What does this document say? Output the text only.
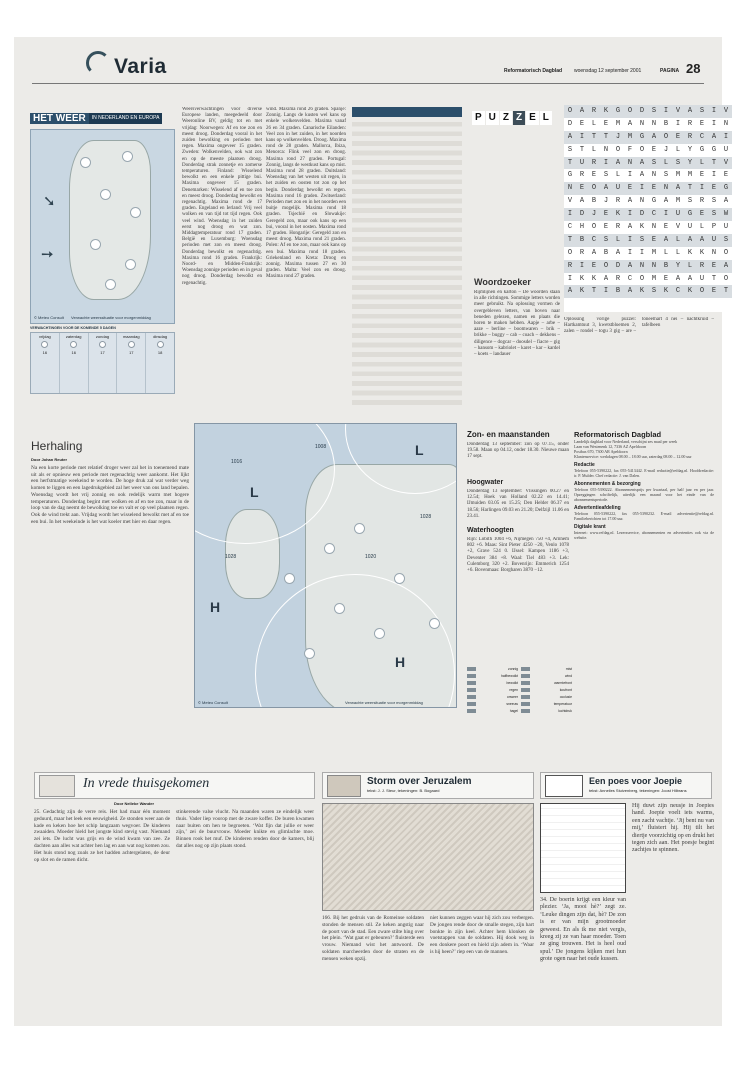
Varia	Reformatorisch Dagblad woensdag 12 september 2001	PAGINA 28
HET WEER	IN NEDERLAND EN EUROPA
➘
➙
© Meteo Consult Verwachte weerssituatie voor morgenmiddag
VERWACHTINGEN VOOR DE KOMENDE 5 DAGEN
vrijdag
16
zaterdag
16
zondag
17
maandag
17
dinsdag
18
Weersverwachtingen voor diverse Europese landen, meegedeeld door Weeronline BV, geldig tot en met vrijdag: Noorwegen: Af en toe zon en meest droog. Donderdag vooral in het zuiden bewolking en perioden met regen. Maxima ongeveer 15 graden. Zweden: Wolkenvelden, ook wat zon en op de meeste plaatsen droog. Donderdag strak zonnetje en zomerse temperaturen. Finland: Wisselend bewolkt en een enkele pittige bui. Maxima ongeveer 15 graden. Denemarken: Wisselend af en toe zon en meest droog. Donderdag bewolkt en regenachtig. Maxima rond de 17 graden. Engeland en Ierland: Vrij veel wolken en van tijd tot tijd regen. Ook veel wind. Woensdag in het zuiden eerst nog droog en wat zon. Middagtemperatuur rond 17 graden. België en Luxemburg: Woensdag perioden met zon en meest droog. Donderdag bewolkt en regenachtig. Maxima rond 16 graden. Frankrijk: Noord- en Midden-Frankrijk: Woensdag zonnige perioden en in geval nog droog. Donderdag bewolkt en regenachtig.
wind. Maxima rond 26 graden. Spanje: Zonnig. Langs de kusten wel kans op enkele wolkenvelden. Maxima vanaf 26 en 34 graden. Canarische Eilanden: Veel zon in het zuiden, in het noorden kans op wolkenvelden. Droog. Maxima rond de 28 graden. Mallorca, Ibiza, Menorca: Flink veel zon en droog. Maxima rond 27 graden. Portugal: Zonnig, langs de westkust kans op mist. Maxima rond 28 graden. Duitsland: Woensdag van het westen uit regen, in het zuiden en oosten tot zon op het begin. Donderdag bewolkt en regen. Maxima rond 16 graden. Zwitserland: Perioden met zon en in het noorden een buitje mogelijk. Maxima rond 18 graden. Tsjechië en Slowakije: Geregeld zon, maar ook kans op een bui, vooral in het oosten. Maxima rond 17 graden. Hongarije: Geregeld zon en meest droog. Maxima rond 21 graden. Polen: Af en toe zon, maar ook kans op een bui. Maxima rond 18 graden. Griekenland en Kreta: Droog en zonnig. Maxima tussen 27 en 30 graden. Malta: Veel zon en droog. Maxima rond 27 graden.
P U Z Z E L
O	A	R	K	G	O	D	S	I	V	A	S	I	V
D	E	L	E	M	A	N	N	B	I	R	E	I	N
A	I	T	T	J	M	G	A	O	E	R	C	A	I
S	T	L	N	O	F	O	E	J	L	Y	G	G	U
T	U	R	I	A	N	A	S	L	S	Y	L	T	V
G	R	E	S	L	I	A	N	S	M	M	E	I	E
N	E	O	A	U	E	I	E	N	A	T	I	E	G
V	A	B	J	R	A	N	G	A	M	S	R	S	A
I	D	J	E	K	I	D	C	I	U	G	E	S	W
C	H	O	E	R	A	K	N	E	V	U	L	P	U
T	B	C	S	L	I	S	E	A	L	A	A	U	S
O	R	A	B	A	I	I	M	L	L	K	K	N	O
R	I	E	O	D	A	N	N	B	Y	L	R	E	A
I	K	K	A	R	C	O	M	E	A	A	U	T	O
A	K	T	I	B	A	K	S	K	C	K	O	E	T
Woordzoeker
Rijmlijnen en karton – De woorden staan in alle richtingen. Sommige letters worden meer gebruikt. Na oplossing vormen de overgebleven letters, van boven naar beneden gelezen, namen en plaats die horen te maken hebben. Aapje – arbe – aaze – berline – boomwaren – brik – brikke – buggy – cab – coach – dekkens – diligence – dogcar – doosdel – fiacre – gig – hansom – kabriolet – karet – kar – kardel – koets – landauer
Oplossing vorige puzzel: Hartkamtuut 3, kwetstbloemen 2, zalen – rondel – togu 3 gig – are – toneelhart 4 nei – nachtkruid – tafelbeen
Herhaling
Door Johan Reuter
Na een korte periode met relatief droger weer zal het in toenemend mate uit als er opnieuw een periode met regenachtig weer aankomt. Het lijkt een herfstmatige weekeind te worden. De hoge druk zal wat verder weg komen te liggen en een lagedrukgebied zal het weer van ons land bepalen. Woensdag wordt het vrij zonnig en ook redelijk warm met hogere temperaturen. Donderdag begint met wolken en af en toe zon, maar in de loop van de dag neemt de bewolking toe en valt er op veel plaatsen regen. Ook de wind trekt aan. Vrijdag wordt het wisselend bewolkt met af en toe een bui. In het weekeinde is het wat koeler met hier en daar regen.
L
L
H
H
1016
1008
1028
1028
1020
© Meteo Consult	Verwachte weersituatie voor morgenmiddag
Zon- en maanstanden
Donderdag 13 september: zon op 07.15, onder 19.58. Maan op 04.12, onder 18.30. Nieuwe maan 17 sept.
Hoogwater
Donderdag 13 september: Vlissingen 00.27 en 12.54; Hoek van Holland 02.22 en 14.41; IJmuiden 03.05 en 15.25; Den Helder 06.37 en 18.56; Harlingen 09.03 en 21.20; Delfzijl 11.06 en 23.41.
Waterhoogten
Rijn: Lobith 1004 +6, Nijmegen 750 +4, Arnhem 802 +6. Maas: Sint Pieter 4250 −20, Venlo 1078 +2, Grave 524 0. IJssel: Kampen 1186 +3, Deventer 384 +8. Waal: Tiel 483 +3. Lek: Culemborg 320 +2. Bovenrijn: Emmerich 1254 +6. Bovenmaas: Borgharen 3870 −12.
zonnig
halfbewolkt
bewolkt
regen
onweer
sneeuw
hagel
mist
wind
warmtefront
koufront
occlusie
temperatuur
luchtdruk
Reformatorisch Dagblad
Landelijk dagblad voor Nederland, verschijnt zes maal per week
Laan van Westenenk 12, 7336 AZ Apeldoorn
Postbus 670, 7300 AR Apeldoorn
Klantenservice: werkdagen 08.00 – 18.00 uur, zaterdag 08.00 – 12.00 uur
Redactie
Telefoon 055-5390222, fax 055-5413442. E-mail redactie@refdag.nl. Hoofdredactie: ir. P. Mulder. Chef redactie: J. van Dalen.
Abonnementen & bezorging
Telefoon 055-5390222. Abonnementsprijs per kwartaal, per half jaar en per jaar. Opzeggingen schriftelijk, uiterlijk een maand voor het einde van de abonnementsperiode.
Advertentieafdeling
Telefoon 055-5390222, fax 055-5390232. E-mail advertentie@refdag.nl. Familieberichten tot 17.00 uur.
Digitale krant
Internet: www.refdag.nl. Lezersservice, abonnementen en advertenties ook via de website.
In vrede thuisgekomen
Door Nelleke Wander
25. Gedachtig zijn de verre reis. Het had maar één moment geduurd, maar het leek een eeuwigheid. Ze stonden weer aan de kade en keken hoe het schip langzaam wegvoer. De kinderen zwaaiden. Moeder hield het jongste kind stevig vast. Niemand zei iets. De lucht was grijs en de wind kwam van zee. Ze dachten aan alles wat achter hen lag en aan wat nog komen zou. Het huis stond nog zoals ze het hadden achtergelaten, de deur op slot en de ramen dicht.
stinkerende valse vlucht. Na maanden waren ze eindelijk weer thuis. Vader liep voorop met de zware koffer. De buren kwamen naar buiten om hen te begroeten. ‘Wat fijn dat jullie er weer zijn,’ zei de buurvrouw. Moeder knikte en glimlachte moe. Binnen rook het muf. De kinderen renden door de kamers, blij dat alles nog op zijn plaats stond.
Storm over Jeruzalem
tekst: J. J. Steur, tekeningen: B. Bogaard
166. Bij het gedruis van de Romeinse soldaten stonden de mensen stil. Ze keken angstig naar de poort van de stad. Een zware stilte hing over het plein. ‘Wat gaat er gebeuren?’ fluisterde een vrouw. Niemand wist het antwoord. De soldaten marcheerden door de straten en de mensen weken opzij.
niet kunnen zeggen waar hij zich zou verbergen. De jongen rende door de smalle stegen, zijn hart bonkte in zijn keel. Achter hem klonken de voetstappen van de soldaten. Hij dook weg in een donkere poort en hield zijn adem in. ‘Waar is hij heen?’ riep een van de mannen.
Een poes voor Joepie
tekst: Annelies Stuivenberg, tekeningen: Joost Hilbrans
34. De boerin krijgt een kleur van plezier. ‘Ja, mooi hè?’ zegt ze. ‘Leuke dingen zijn dat, hè? De zon is er van mijn grootmoeder geweest. En als ik me niet vergis, kreeg zij ze van haar moeder. Toen ze ging trouwen. Het is heel oud spul.’ De jongens kijken met hun grote ogen naar het oude kussen.
Hij duwt zijn neusje in Joepies hand. Joepie voelt iets warms, een zacht vachtje. ‘Jij bent nu van mij,’ fluistert hij. Hij tilt het diertje voorzichtig op en drukt het tegen zich aan. Het poesje begint zachtjes te spinnen.
